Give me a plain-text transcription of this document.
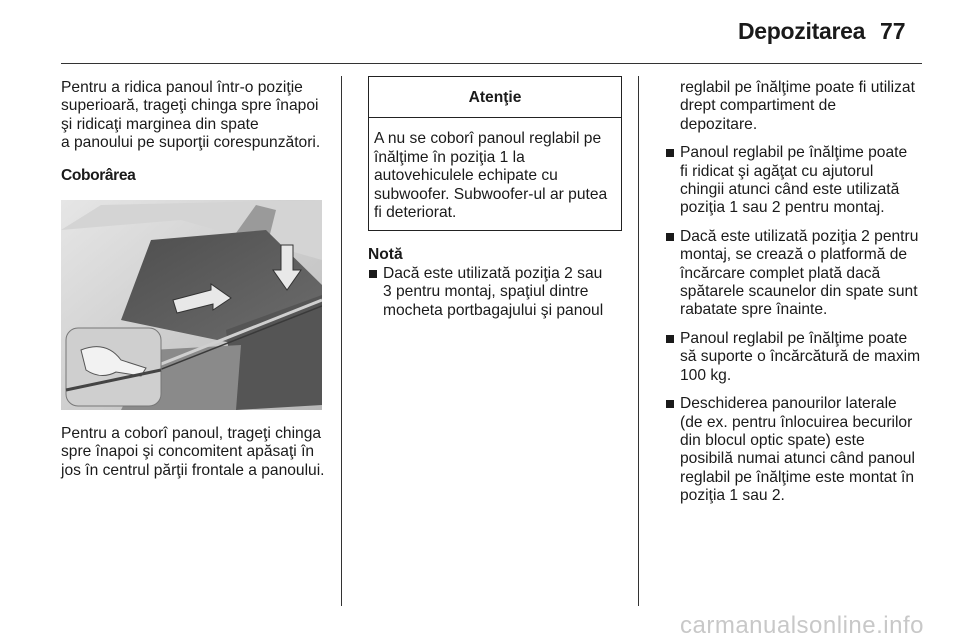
Depozitarea 77

Pentru a ridica panoul într-o poziţie
superioară, trageţi chinga spre înapoi
şi ridicaţi marginea din spate
a panoului pe suporţii corespunzători.

Coborârea

Pentru a coborî panoul, trageţi chinga
spre înapoi şi concomitent apăsaţi în
jos în centrul părţii frontale a panoului.

Atenţie
A nu se coborî panoul reglabil pe
înălţime în poziţia 1 la
autovehiculele echipate cu
subwoofer. Subwoofer-ul ar putea
fi deteriorat.

Notă

Dacă este utilizată poziţia 2 sau
3 pentru montaj, spaţiul dintre
mocheta portbagajului şi panoul
reglabil pe înălţime poate fi utilizat
drept compartiment de
depozitare.
Panoul reglabil pe înălţime poate
fi ridicat şi agăţat cu ajutorul
chingii atunci când este utilizată
poziţia 1 sau 2 pentru montaj.
Dacă este utilizată poziţia 2 pentru
montaj, se crează o platformă de
încărcare complet plată dacă
spătarele scaunelor din spate sunt
rabatate spre înainte.
Panoul reglabil pe înălţime poate
să suporte o încărcătură de maxim
100 kg.
Deschiderea panourilor laterale
(de ex. pentru înlocuirea becurilor
din blocul optic spate) este
posibilă numai atunci când panoul
reglabil pe înălţime este montat în
poziţia 1 sau 2.
carmanualsonline.info
